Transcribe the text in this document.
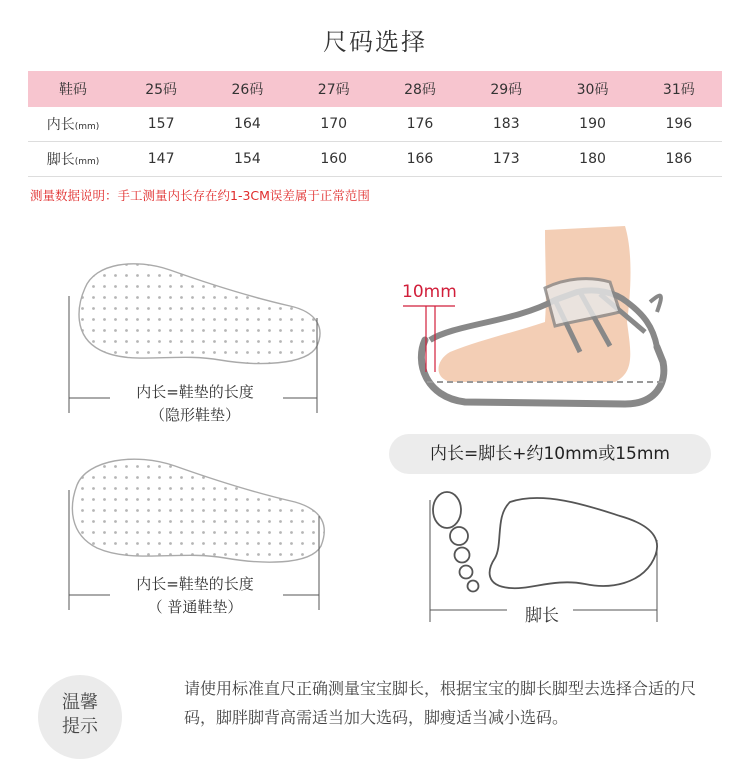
尺码选择
鞋码	25码	26码	27码	28码	29码	30码	31码
内长(mm)	157	164	170	176	183	190	196
脚长(mm)	147	154	160	166	173	180	186
测量数据说明：手工测量内长存在约1-3CM误差属于正常范围
内长=鞋垫的长度
（隐形鞋垫）
内长=鞋垫的长度
（ 普通鞋垫）
10mm
内长=脚长+约10mm或15mm
脚长
温馨
提示
请使用标准直尺正确测量宝宝脚长，根据宝宝的脚长脚型去选择合适的尺码，脚胖脚背高需适当加大选码，脚瘦适当减小选码。
